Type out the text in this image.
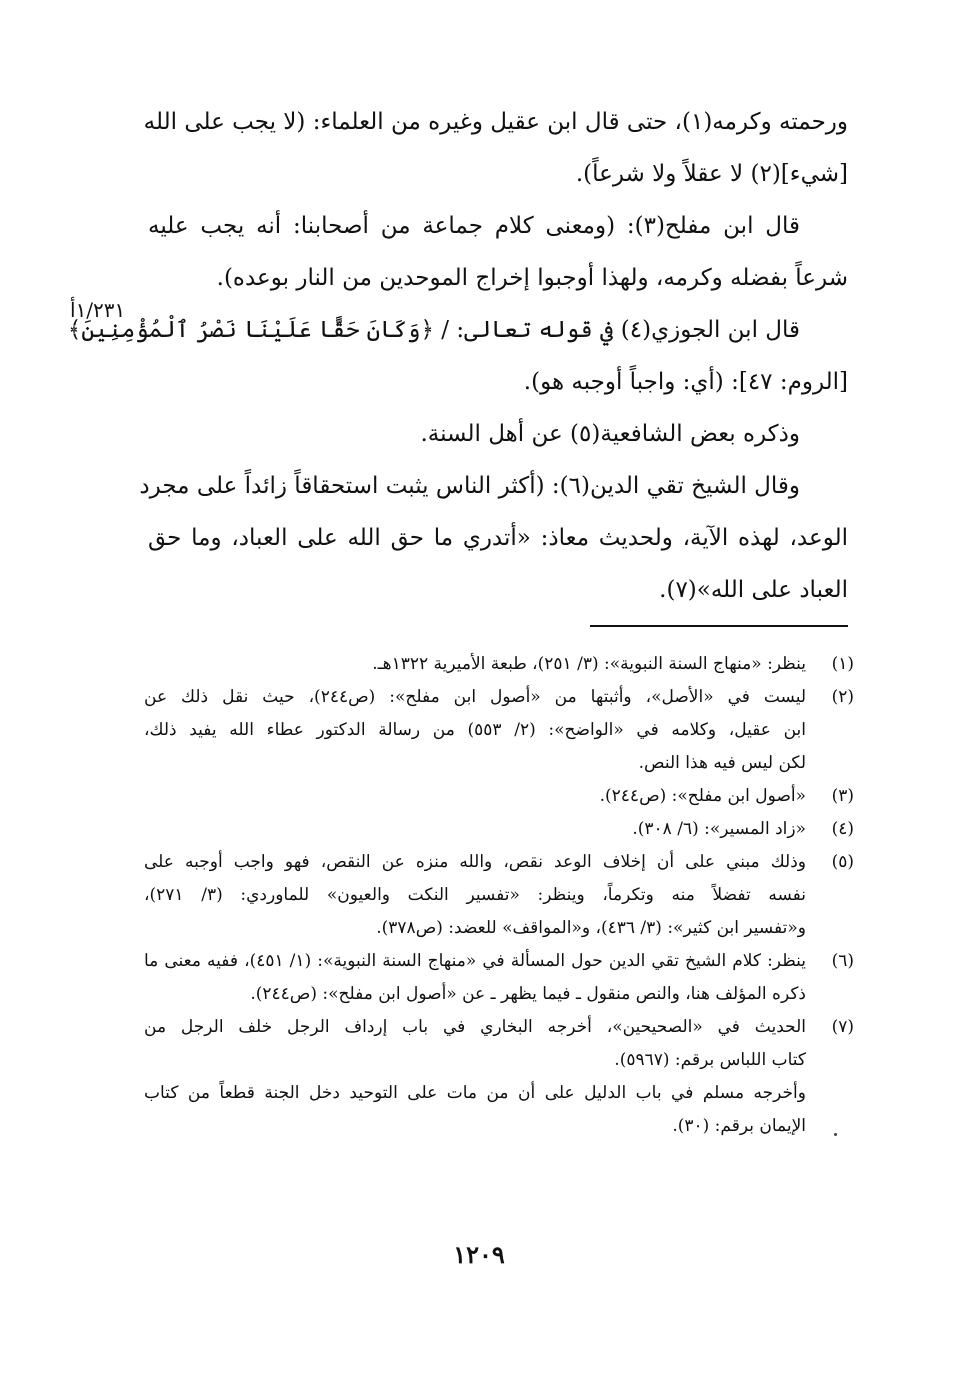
ورحمته وكرمه(١)، حتى قال ابن عقيل وغيره من العلماء: (لا يجب على الله
[شيء](٢) لا عقلاً ولا شرعاً).
قال ابن مفلح(٣): (ومعنى كلام جماعة من أصحابنا: أنه يجب عليه
شرعاً بفضله وكرمه، ولهذا أوجبوا إخراج الموحدين من النار بوعده).
قال ابن الجوزي(٤) في قوله تعالى: / ﴿وَكَانَ حَقًّا عَلَيْنَا نَصْرُ ٱلْمُؤْمِنِينَ﴾
[الروم: ٤٧]: (أي: واجباً أوجبه هو).
وذكره بعض الشافعية(٥) عن أهل السنة.
وقال الشيخ تقي الدين(٦): (أكثر الناس يثبت استحقاقاً زائداً على مجرد
الوعد، لهذه الآية، ولحديث معاذ: «أتدري ما حق الله على العباد، وما حق
العباد على الله»(٧).
١/٢٣١أ
(١)
ينظر: «منهاج السنة النبوية»: (٣/ ٢٥١)، طبعة الأميرية ١٣٢٢هـ.
(٢)
ليست في «الأصل»، وأثبتها من «أصول ابن مفلح»: (ص٢٤٤)، حيث نقل ذلك عن
ابن عقيل، وكلامه في «الواضح»: (٢/ ٥٥٣) من رسالة الدكتور عطاء الله يفيد ذلك،
لكن ليس فيه هذا النص.
(٣)
«أصول ابن مفلح»: (ص٢٤٤).
(٤)
«زاد المسير»: (٦/ ٣٠٨).
(٥)
وذلك مبني على أن إخلاف الوعد نقص، والله منزه عن النقص، فهو واجب أوجبه على
نفسه تفضلاً منه وتكرماً، وينظر: «تفسير النكت والعيون» للماوردي: (٣/ ٢٧١)،
و«تفسير ابن كثير»: (٣/ ٤٣٦)، و«المواقف» للعضد: (ص٣٧٨).
(٦)
ينظر: كلام الشيخ تقي الدين حول المسألة في «منهاج السنة النبوية»: (١/ ٤٥١)، ففيه معنى ما
ذكره المؤلف هنا، والنص منقول ـ فيما يظهر ـ عن «أصول ابن مفلح»: (ص٢٤٤).
(٧)
الحديث في «الصحيحين»، أخرجه البخاري في باب إرداف الرجل خلف الرجل من
كتاب اللباس برقم: (٥٩٦٧).
وأخرجه مسلم في باب الدليل على أن من مات على التوحيد دخل الجنة قطعاً من كتاب
الإيمان برقم: (٣٠).
١٢٠٩
